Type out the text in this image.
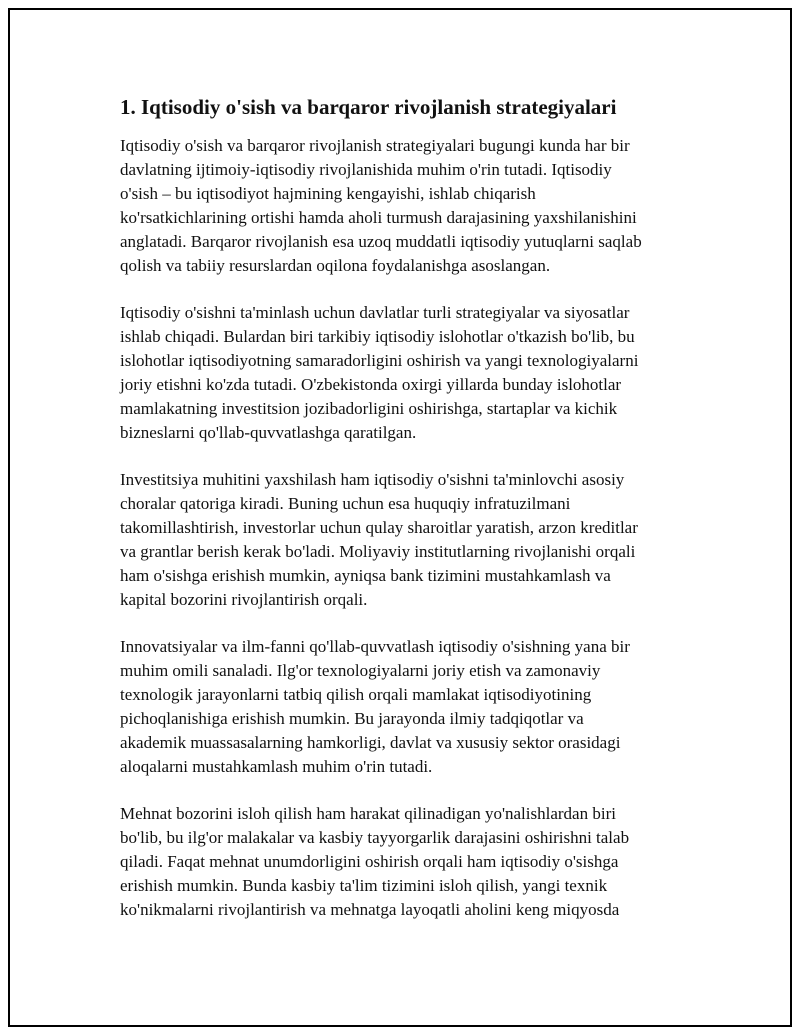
1. Iqtisodiy o'sish va barqaror rivojlanish strategiyalari

Iqtisodiy o'sish va barqaror rivojlanish strategiyalari bugungi kunda har bir
davlatning ijtimoiy-iqtisodiy rivojlanishida muhim o'rin tutadi. Iqtisodiy
o'sish – bu iqtisodiyot hajmining kengayishi, ishlab chiqarish
ko'rsatkichlarining ortishi hamda aholi turmush darajasining yaxshilanishini
anglatadi. Barqaror rivojlanish esa uzoq muddatli iqtisodiy yutuqlarni saqlab
qolish va tabiiy resurslardan oqilona foydalanishga asoslangan.

Iqtisodiy o'sishni ta'minlash uchun davlatlar turli strategiyalar va siyosatlar
ishlab chiqadi. Bulardan biri tarkibiy iqtisodiy islohotlar o'tkazish bo'lib, bu
islohotlar iqtisodiyotning samaradorligini oshirish va yangi texnologiyalarni
joriy etishni ko'zda tutadi. O'zbekistonda oxirgi yillarda bunday islohotlar
mamlakatning investitsion jozibadorligini oshirishga, startaplar va kichik
bizneslarni qo'llab-quvvatlashga qaratilgan.

Investitsiya muhitini yaxshilash ham iqtisodiy o'sishni ta'minlovchi asosiy
choralar qatoriga kiradi. Buning uchun esa huquqiy infratuzilmani
takomillashtirish, investorlar uchun qulay sharoitlar yaratish, arzon kreditlar
va grantlar berish kerak bo'ladi. Moliyaviy institutlarning rivojlanishi orqali
ham o'sishga erishish mumkin, ayniqsa bank tizimini mustahkamlash va
kapital bozorini rivojlantirish orqali.

Innovatsiyalar va ilm-fanni qo'llab-quvvatlash iqtisodiy o'sishning yana bir
muhim omili sanaladi. Ilg'or texnologiyalarni joriy etish va zamonaviy
texnologik jarayonlarni tatbiq qilish orqali mamlakat iqtisodiyotining
pichoqlanishiga erishish mumkin. Bu jarayonda ilmiy tadqiqotlar va
akademik muassasalarning hamkorligi, davlat va xususiy sektor orasidagi
aloqalarni mustahkamlash muhim o'rin tutadi.

Mehnat bozorini isloh qilish ham harakat qilinadigan yo'nalishlardan biri
bo'lib, bu ilg'or malakalar va kasbiy tayyorgarlik darajasini oshirishni talab
qiladi. Faqat mehnat unumdorligini oshirish orqali ham iqtisodiy o'sishga
erishish mumkin. Bunda kasbiy ta'lim tizimini isloh qilish, yangi texnik
ko'nikmalarni rivojlantirish va mehnatga layoqatli aholini keng miqyosda
